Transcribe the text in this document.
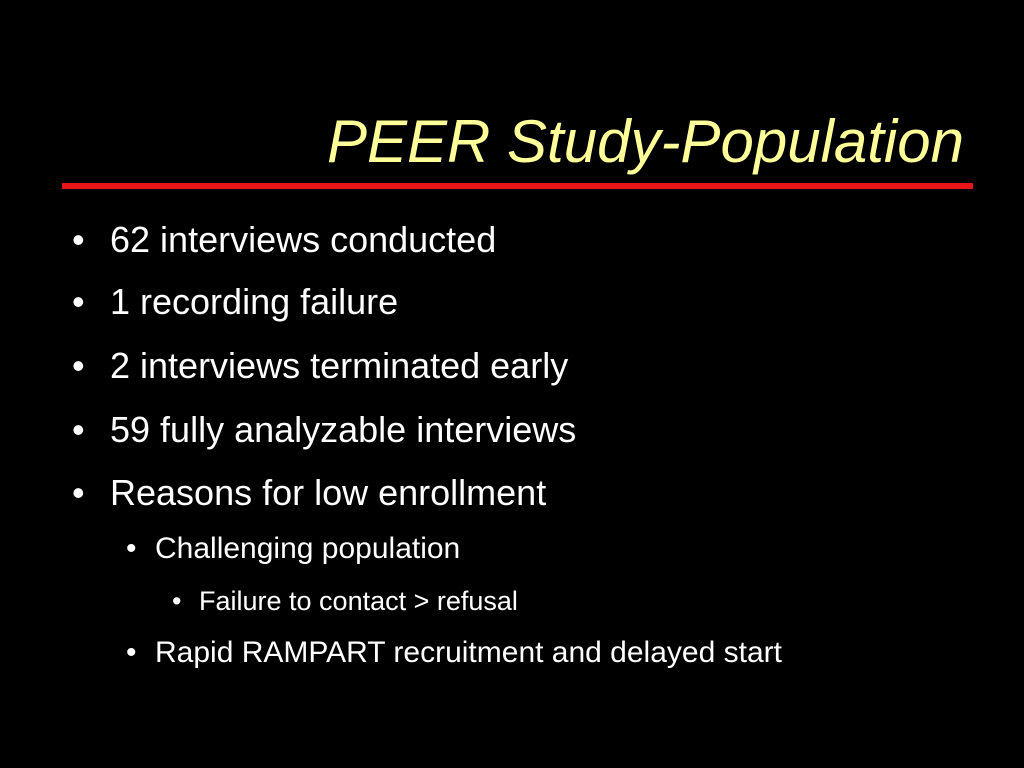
PEER Study-Population
• 62 interviews conducted
• 1 recording failure
• 2 interviews terminated early
• 59 fully analyzable interviews
• Reasons for low enrollment
• Challenging population
• Failure to contact > refusal
• Rapid RAMPART recruitment and delayed start
